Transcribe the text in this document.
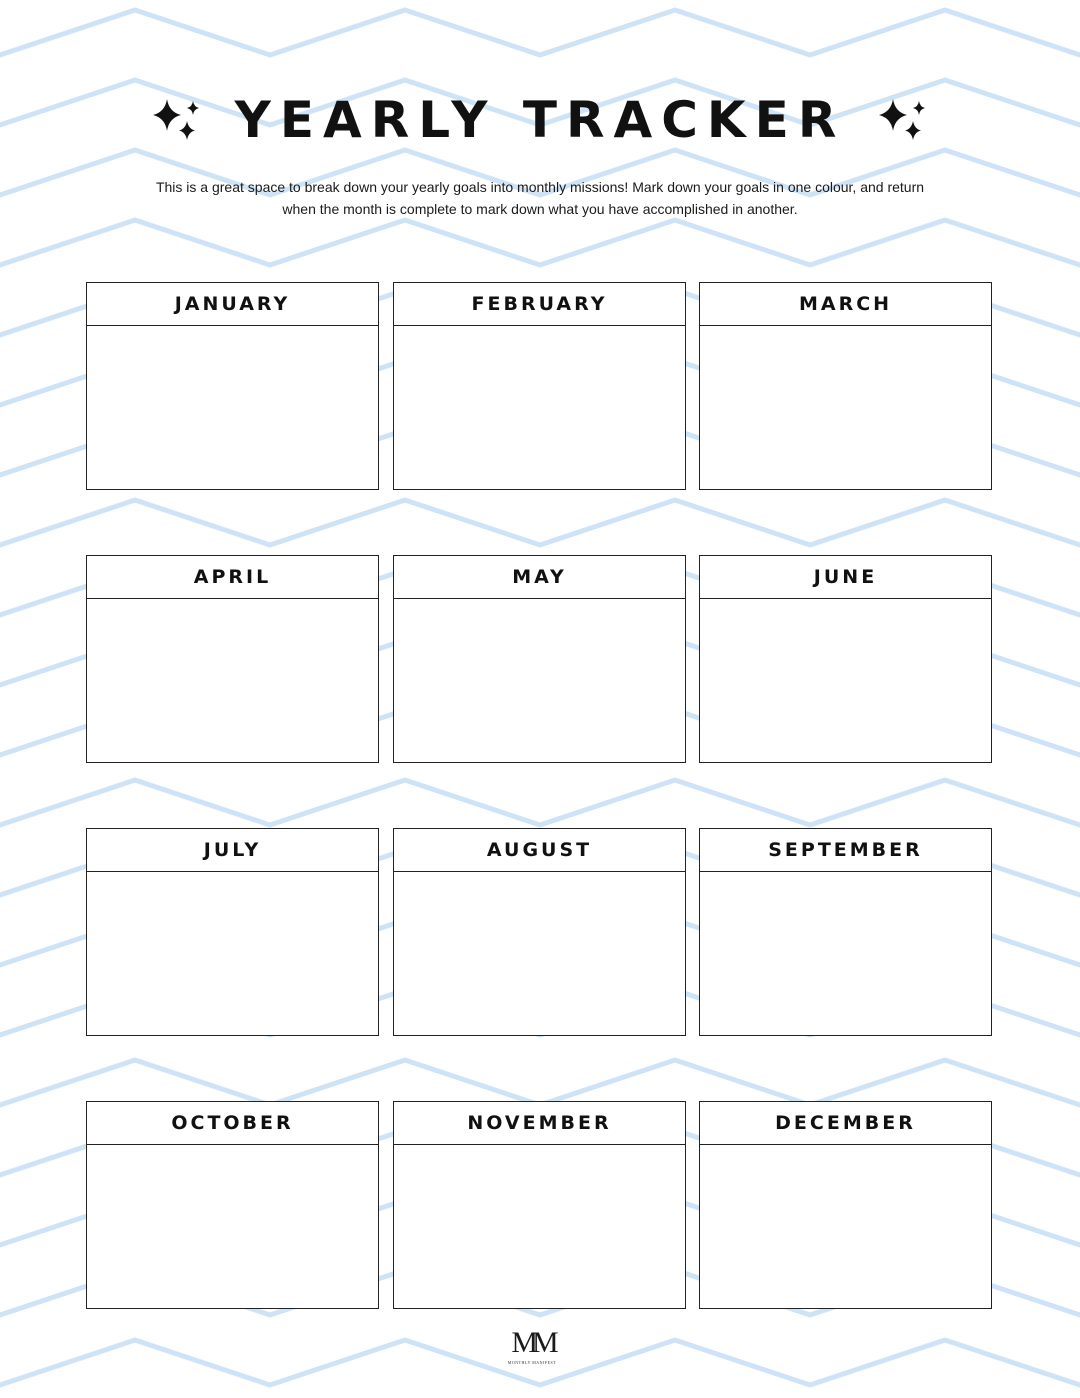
YEARLY TRACKER
This is a great space to break down your yearly goals into monthly missions! Mark down your goals in one colour, and return when the month is complete to mark down what you have accomplished in another.
JANUARY	FEBRUARY	MARCH
APRIL	MAY	JUNE
JULY	AUGUST	SEPTEMBER
OCTOBER	NOVEMBER	DECEMBER
MM
MONTHLY MANIFEST
